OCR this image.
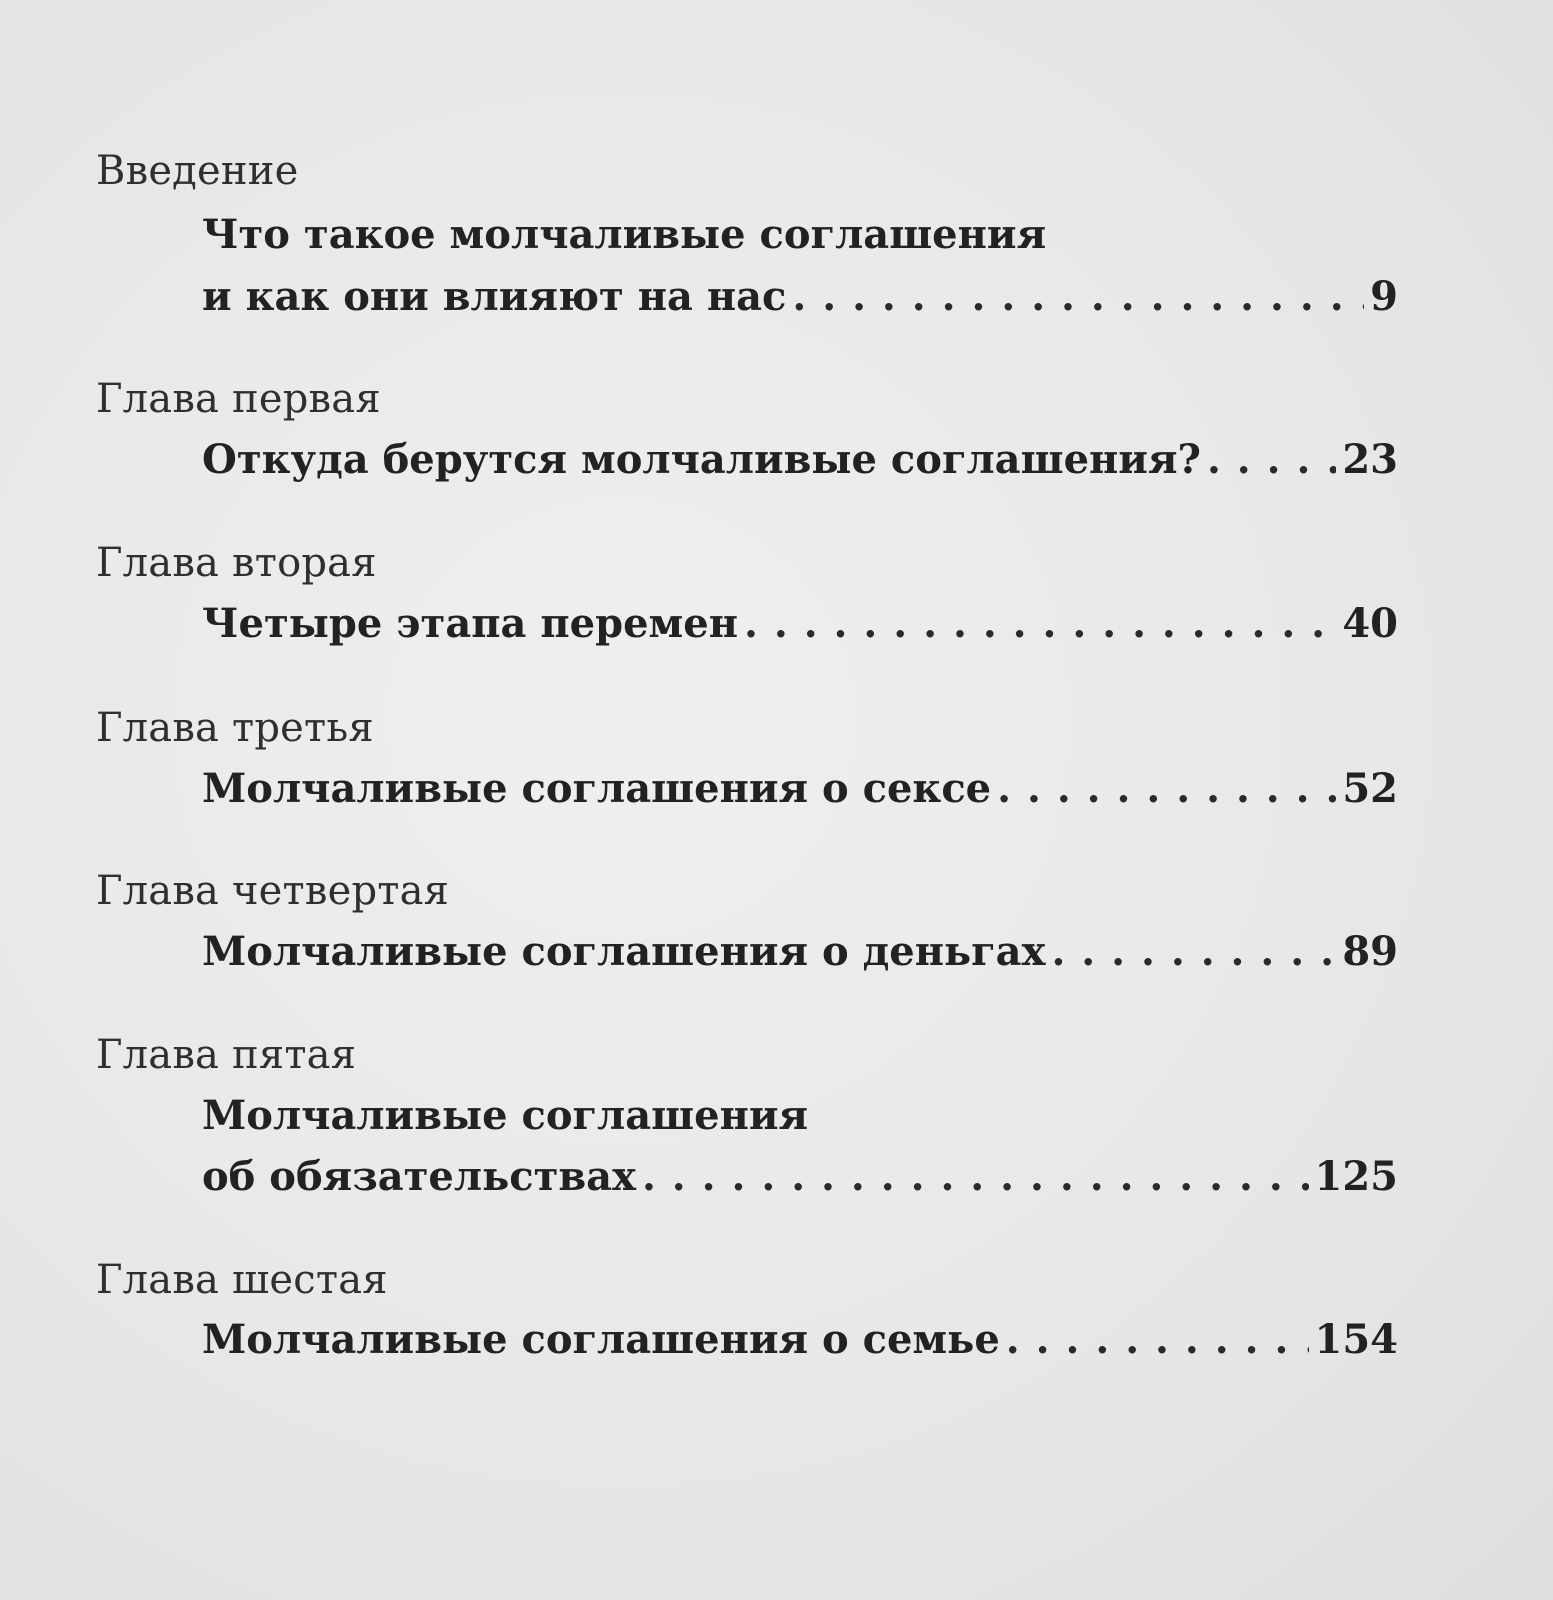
Введение
Что такое молчаливые соглашения
и как они влияют на нас . . .	9
Глава первая
Откуда берутся молчаливые соглашения? . . .	23
Глава вторая
Четыре этапа перемен . . .	40
Глава третья
Молчаливые соглашения о сексе . . .	52
Глава четвертая
Молчаливые соглашения о деньгах . . .	89
Глава пятая
Молчаливые соглашения
об обязательствах . . .	125
Глава шестая
Молчаливые соглашения о семье . . .	154
